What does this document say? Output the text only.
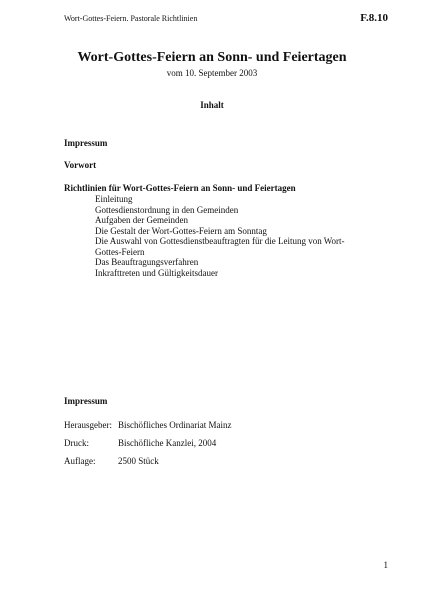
Wort-Gottes-Feiern. Pastorale Richtlinien	F.8.10
Wort-Gottes-Feiern an Sonn- und Feiertagen
vom 10. September 2003
Inhalt
Impressum
Vorwort
Richtlinien für Wort-Gottes-Feiern an Sonn- und Feiertagen
Einleitung
Gottesdienstordnung in den Gemeinden
Aufgaben der Gemeinden
Die Gestalt der Wort-Gottes-Feiern am Sonntag
Die Auswahl von Gottesdienstbeauftragten für die Leitung von Wort-Gottes-Feiern
Das Beauftragungsverfahren
Inkrafttreten und Gültigkeitsdauer
Impressum
Herausgeber:	Bischöfliches Ordinariat Mainz
Druck:	Bischöfliche Kanzlei, 2004
Auflage:	2500 Stück
1
